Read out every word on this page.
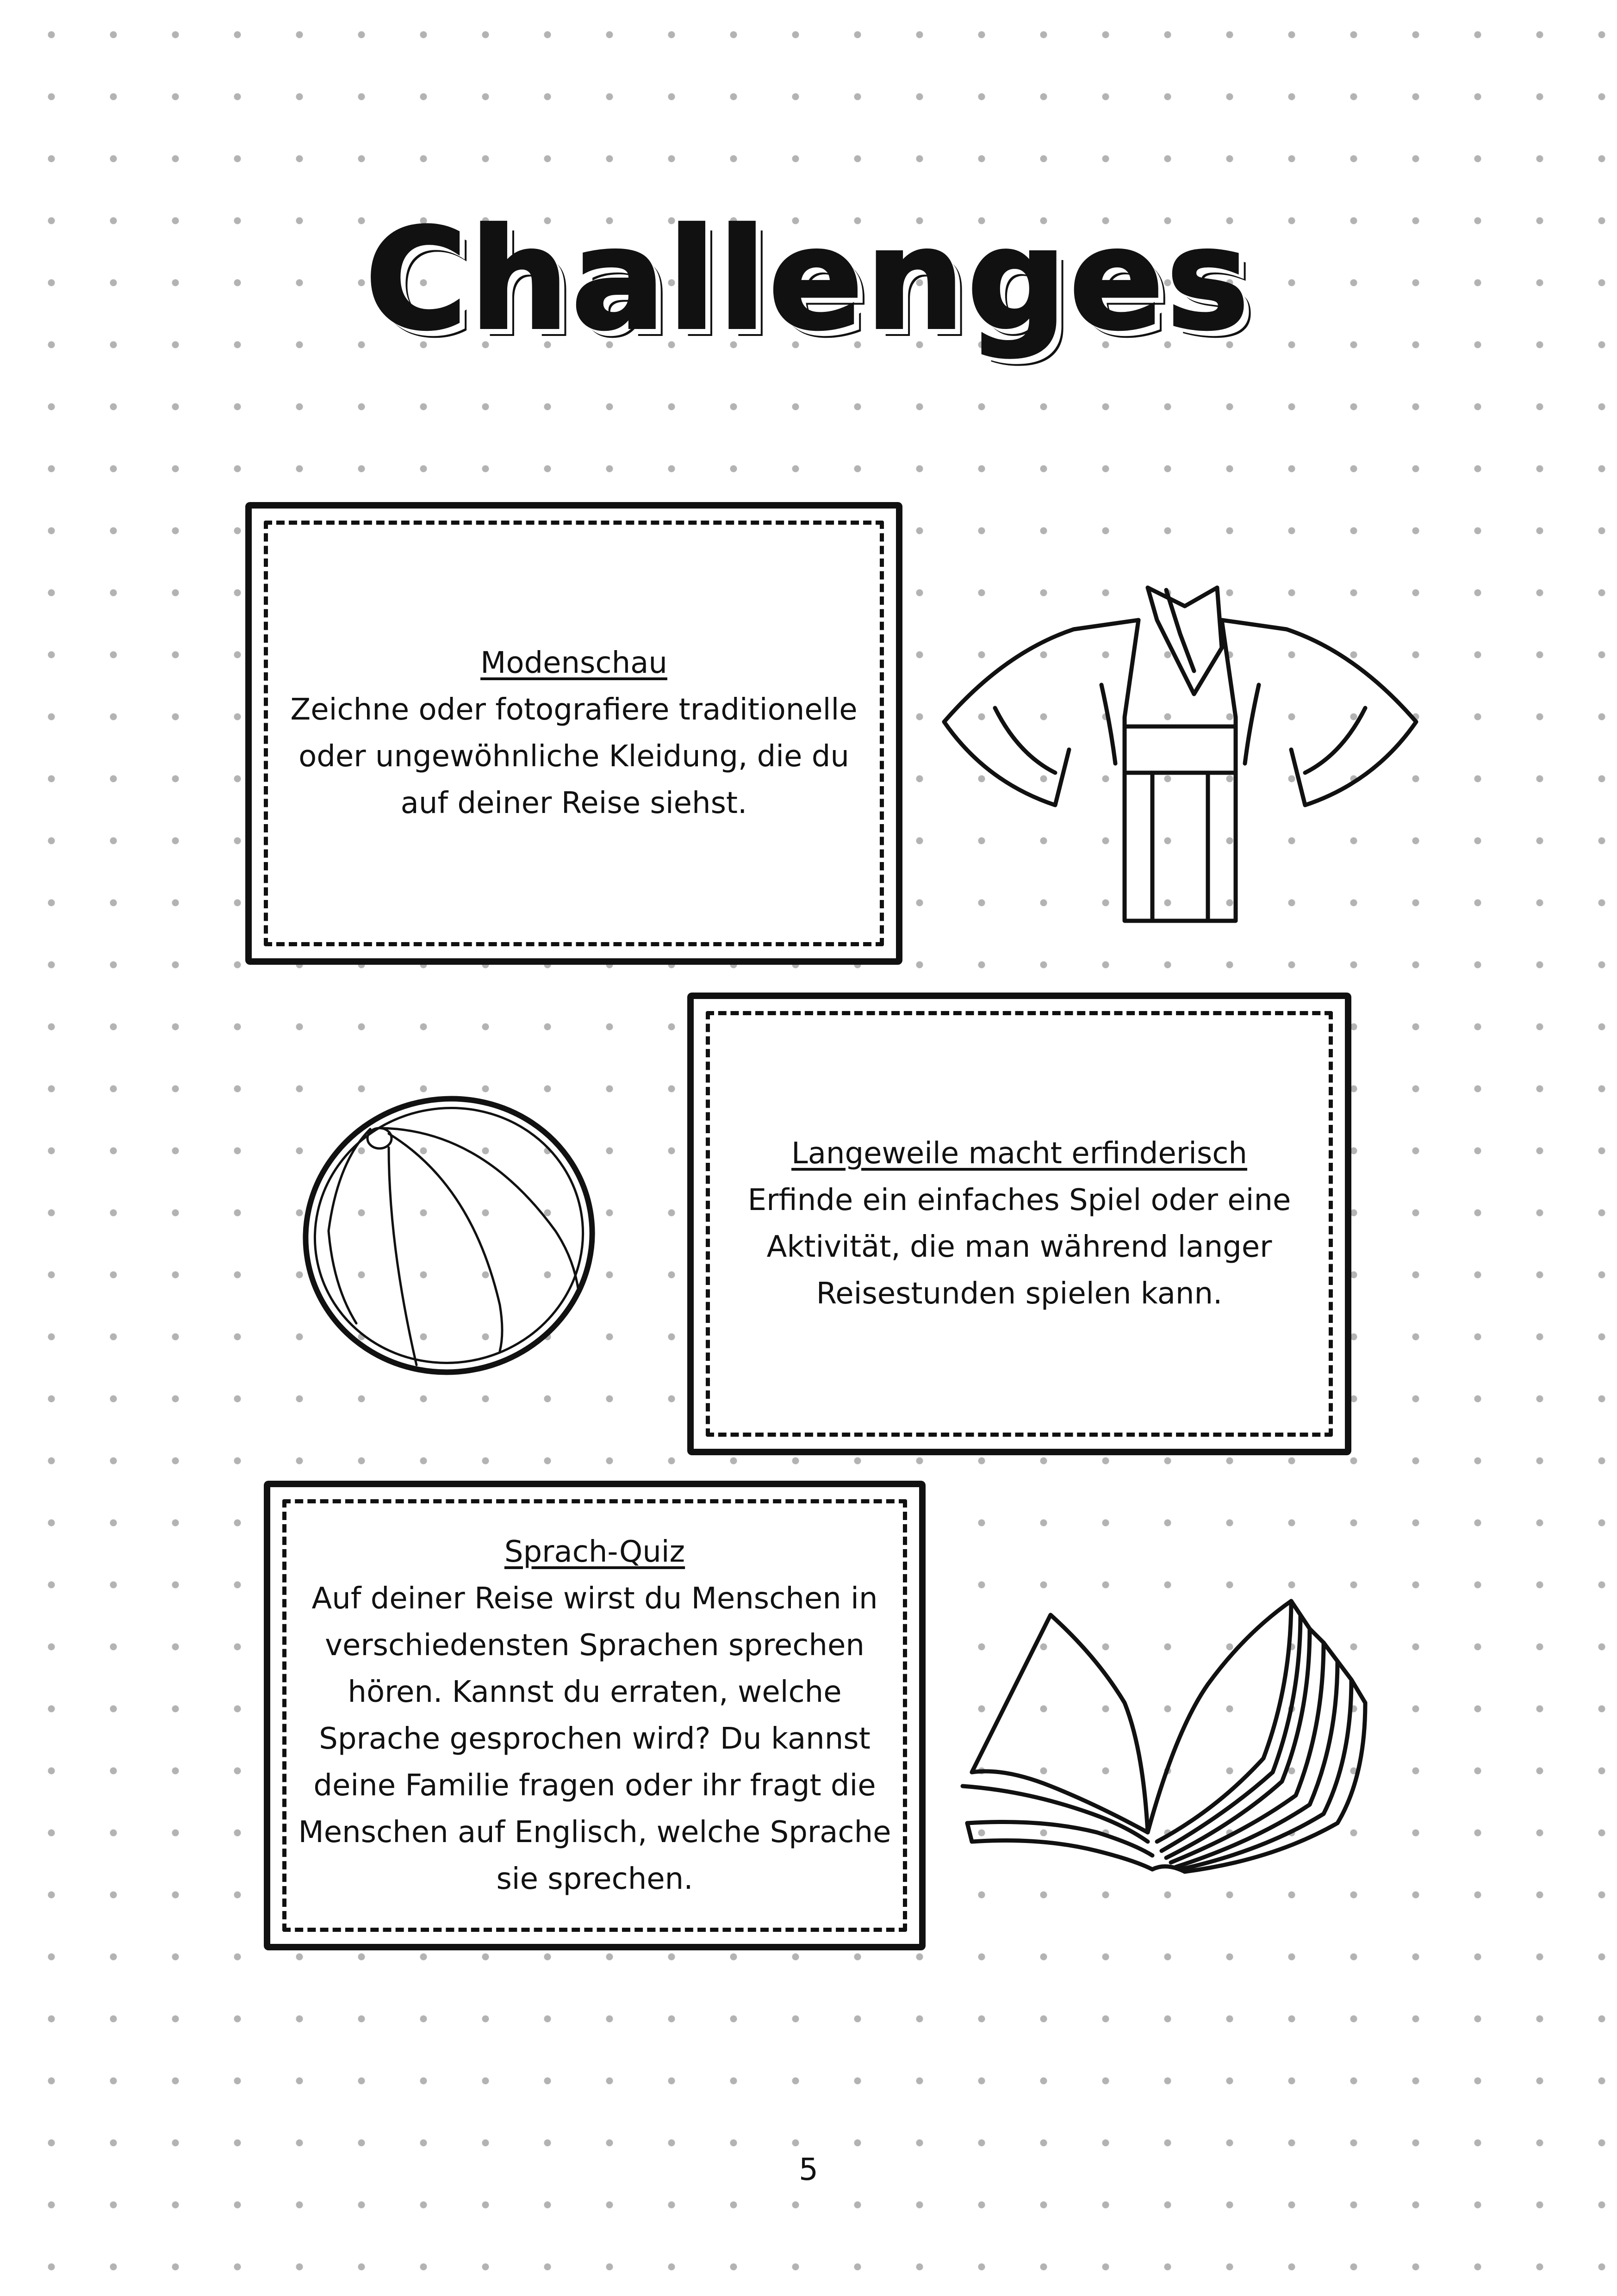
Challenges
Modenschau
Zeichne oder fotografiere traditionelle oder ungewöhnliche Kleidung, die du auf deiner Reise siehst.
Langeweile macht erfinderisch
Erfinde ein einfaches Spiel oder eine Aktivität, die man während langer Reisestunden spielen kann.
Sprach-Quiz
Auf deiner Reise wirst du Menschen in verschiedensten Sprachen sprechen hören. Kannst du erraten, welche Sprache gesprochen wird? Du kannst deine Familie fragen oder ihr fragt die Menschen auf Englisch, welche Sprache sie sprechen.
5
